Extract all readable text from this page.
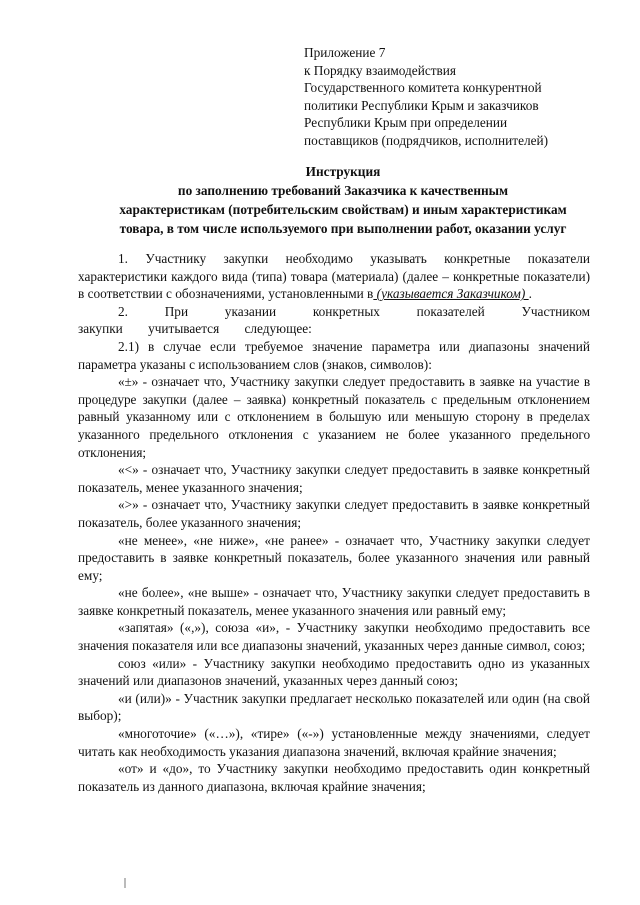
Приложение 7
к Порядку взаимодействия
Государственного комитета конкурентной
политики Республики Крым и заказчиков
Республики Крым при определении
поставщиков (подрядчиков, исполнителей)
Инструкция
по заполнению требований Заказчика к качественным
характеристикам (потребительским свойствам) и иным характеристикам
товара, в том числе используемого при выполнении работ, оказании услуг

1. Участнику закупки необходимо указывать конкретные показатели характеристики каждого вида (типа) товара (материала) (далее – конкретные показатели) в соответствии с обозначениями, установленными в (указывается Заказчиком) .

2. При указании конкретных показателей Участником закупки учитывается следующее:

2.1) в случае если требуемое значение параметра или диапазоны значений параметра указаны с использованием слов (знаков, символов):

«±» - означает что, Участнику закупки следует предоставить в заявке на участие в процедуре закупки (далее – заявка) конкретный показатель с предельным отклонением равный указанному или с отклонением в большую или меньшую сторону в пределах указанного предельного отклонения с указанием не более указанного предельного отклонения;

«<» - означает что, Участнику закупки следует предоставить в заявке конкретный показатель, менее указанного значения;

«>» - означает что, Участнику закупки следует предоставить в заявке конкретный показатель, более указанного значения;

«не менее», «не ниже», «не ранее» - означает что, Участнику закупки следует предоставить в заявке конкретный показатель, более указанного значения или равный ему;

«не более», «не выше» - означает что, Участнику закупки следует предоставить в заявке конкретный показатель, менее указанного значения или равный ему;

«запятая» («,»), союза «и», - Участнику закупки необходимо предоставить все значения показателя или все диапазоны значений, указанных через данные символ, союз;

союз «или» - Участнику закупки необходимо предоставить одно из указанных значений или диапазонов значений, указанных через данный союз;

«и (или)» - Участник закупки предлагает несколько показателей или один (на свой выбор);

«многоточие» («…»), «тире» («-») установленные между значениями, следует читать как необходимость указания диапазона значений, включая крайние значения;

«от» и «до», то Участнику закупки необходимо предоставить один конкретный показатель из данного диапазона, включая крайние значения;
